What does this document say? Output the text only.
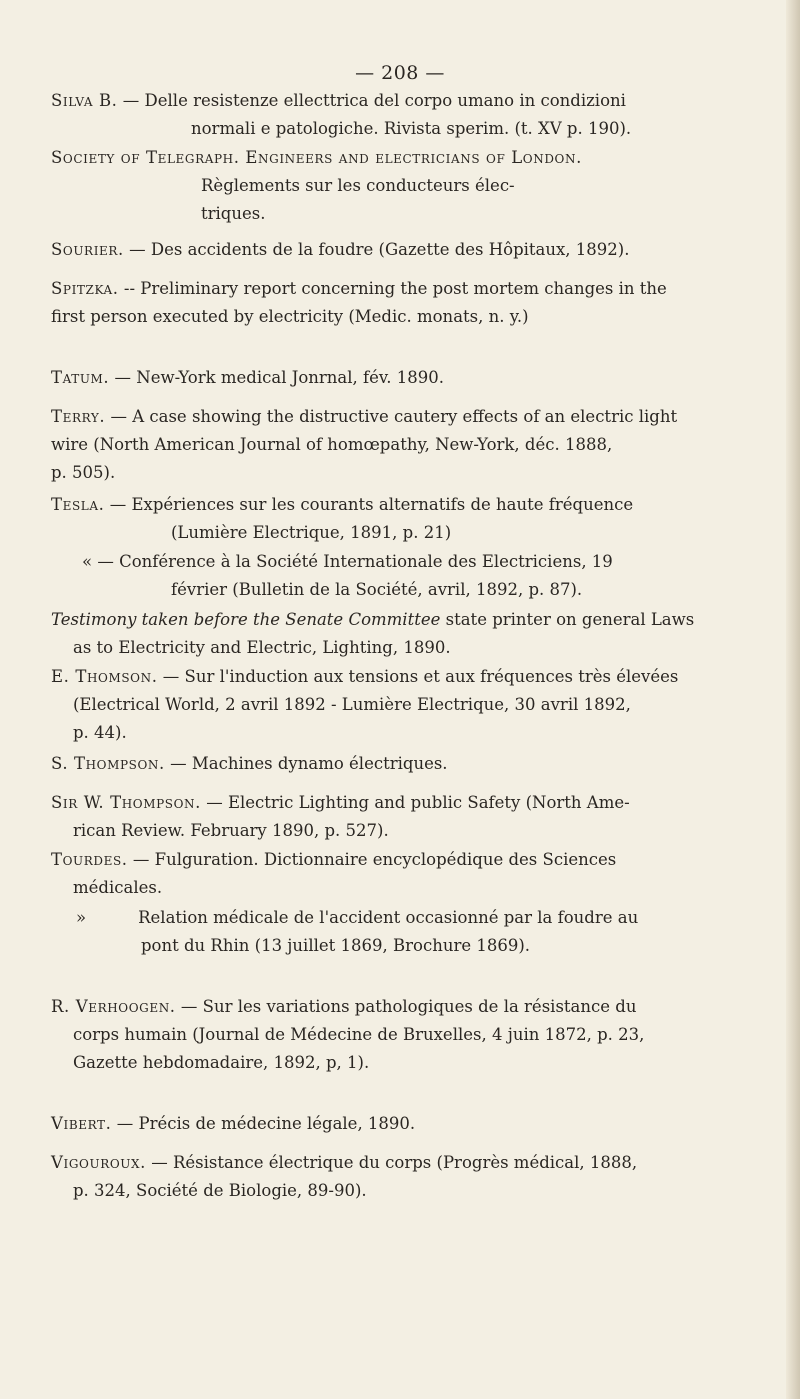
— 208 —
Silva B. — Delle resistenze ellecttrica del corpo umano in condizioni
normali e patologiche. Rivista sperim. (t. XV p. 190).
Society of Telegraph. Engineers and electricians of London.
Règlements sur les conducteurs élec-
triques.
Sourier. — Des accidents de la foudre (Gazette des Hôpitaux, 1892).
Spitzka. -- Preliminary report concerning the post mortem changes in the
first person executed by electricity (Medic. monats, n. y.)
Tatum. — New-York medical Jonrnal, fév. 1890.
Terry. — A case showing the distructive cautery effects of an electric light
wire (North American Journal of homœpathy, New-York, déc. 1888,
p. 505).
Tesla. — Expériences sur les courants alternatifs de haute fréquence
(Lumière Electrique, 1891, p. 21)
« — Conférence à la Société Internationale des Electriciens, 19
février (Bulletin de la Société, avril, 1892, p. 87).
Testimony taken before the Senate Committee state printer on general Laws
as to Electricity and Electric, Lighting, 1890.
E. Thomson. — Sur l'induction aux tensions et aux fréquences très élevées
(Electrical World, 2 avril 1892 - Lumière Electrique, 30 avril 1892,
p. 44).
S. Thompson. — Machines dynamo électriques.
Sir W. Thompson. — Electric Lighting and public Safety (North Ame-
rican Review. February 1890, p. 527).
Tourdes. — Fulguration. Dictionnaire encyclopédique des Sciences
médicales.
»	Relation médicale de l'accident occasionné par la foudre au
pont du Rhin (13 juillet 1869, Brochure 1869).
R. Verhoogen. — Sur les variations pathologiques de la résistance du
corps humain (Journal de Médecine de Bruxelles, 4 juin 1872, p. 23,
Gazette hebdomadaire, 1892, p, 1).
Vibert. — Précis de médecine légale, 1890.
Vigouroux. — Résistance électrique du corps (Progrès médical, 1888,
p. 324, Société de Biologie, 89-90).
